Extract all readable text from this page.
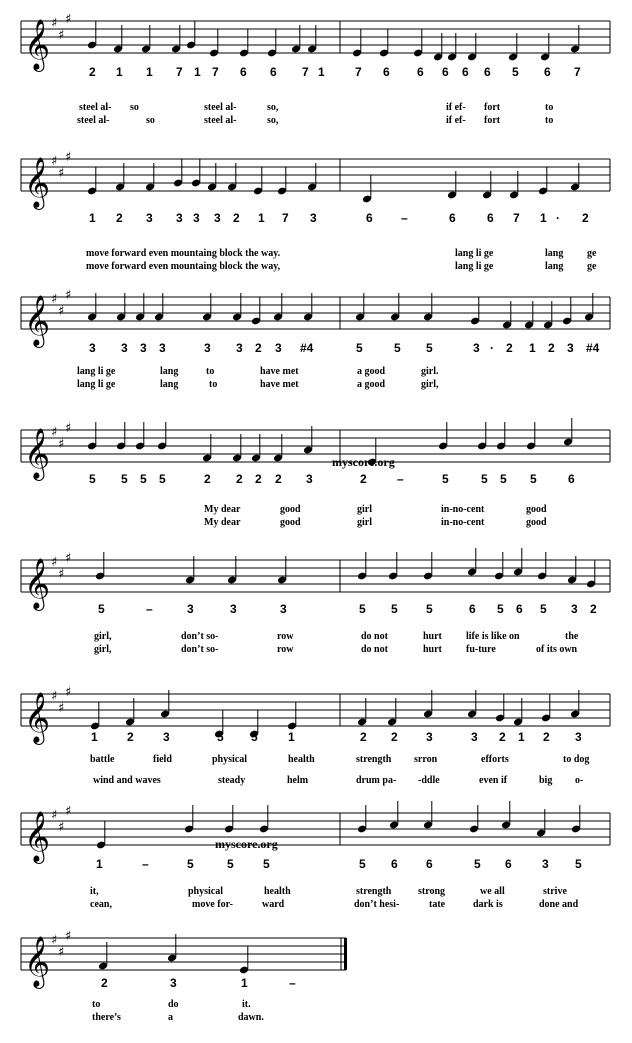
𝄞 ♯
♯
♯
𝄞 ♯
♯
♯
𝄞 ♯
♯
♯
𝄞 ♯
♯
♯
𝄞 ♯
♯
♯
𝄞 ♯
♯
♯
𝄞 ♯
♯
♯
𝄞 ♯
♯
♯
myscore.org
myscore.org
2 1 1 7 1 7 6 6 7 1	7 6 6 6 6 6 5 6 7
steel al- so	steel al-	so,	if ef- fort	to
steel al-	so	steel al-	so,	if ef- fort	to
1 2 3 3 3 3 2 1 7 3	6 –	6	6 7 1 · 2
move forward even mountaing block the way.	lang li ge	lang ge
move forward even mountaing block the way,	lang li ge	lang ge
3 3 3 3	3 3 2 3 #4	5	5 5	3 · 2 1 2 3 #4
lang li ge	lang	to	have met	a good	girl.
lang li ge	lang	to	have met	a good	girl,
5 5 5 5	2 2 2 2 3	2	–	5	5 5 5	6
My dear	good	girl	in-no-cent	good
My dear	good	girl	in-no-cent	good
5	–	3	3	3	5 5 5	6 5 6 5 3 2
girl,	don’t so-	row	do not	hurt life is like on	the
girl,	don’t so-	row	do not	hurt fu-ture	of its own
1 2 3	5 5	1	2 2 3	3 2 1 2 3
battle	field	physical	health	strength srron	efforts	to dog
wind and waves	steady	helm	drum pa- -ddle	even if	big o-
1	–	5	5 5	5 6 6	5 6	3 5
it,	physical	health	strength	strong	we all	strive
cean,	move for-	ward	don’t hesi-	tate	dark is	done and
2	3	1	–
to	do	it.
there’s	a	dawn.
